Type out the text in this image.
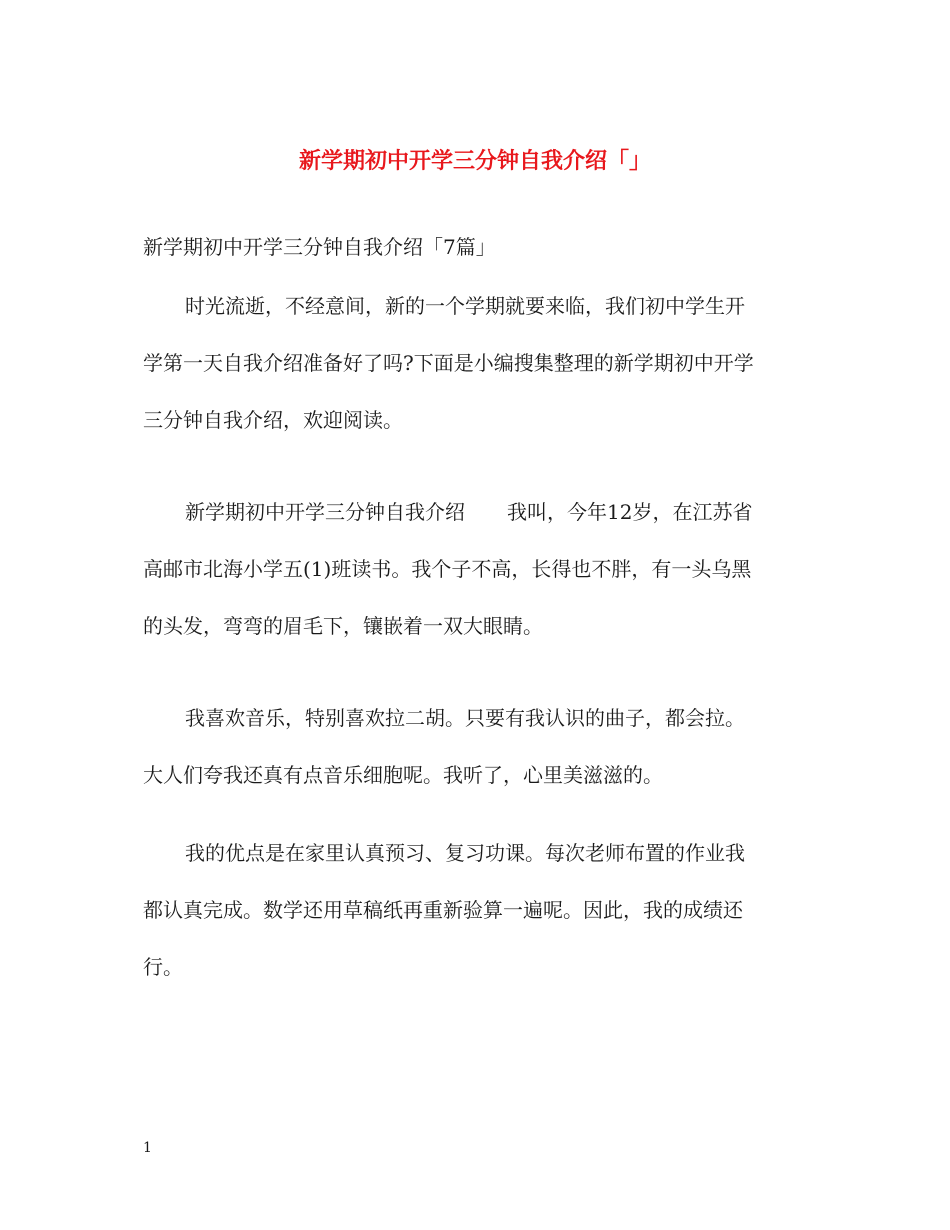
新学期初中开学三分钟自我介绍「」
新学期初中开学三分钟自我介绍「7篇」
时光流逝，不经意间，新的一个学期就要来临，我们初中学生开
学第一天自我介绍准备好了吗?下面是小编搜集整理的新学期初中开学
三分钟自我介绍，欢迎阅读。
新学期初中开学三分钟自我介绍 我叫，今年12岁，在江苏省
高邮市北海小学五(1)班读书。我个子不高，长得也不胖，有一头乌黑
的头发，弯弯的眉毛下，镶嵌着一双大眼睛。
我喜欢音乐，特别喜欢拉二胡。只要有我认识的曲子，都会拉。
大人们夸我还真有点音乐细胞呢。我听了，心里美滋滋的。
我的优点是在家里认真预习、复习功课。每次老师布置的作业我
都认真完成。数学还用草稿纸再重新验算一遍呢。因此，我的成绩还
行。
1
